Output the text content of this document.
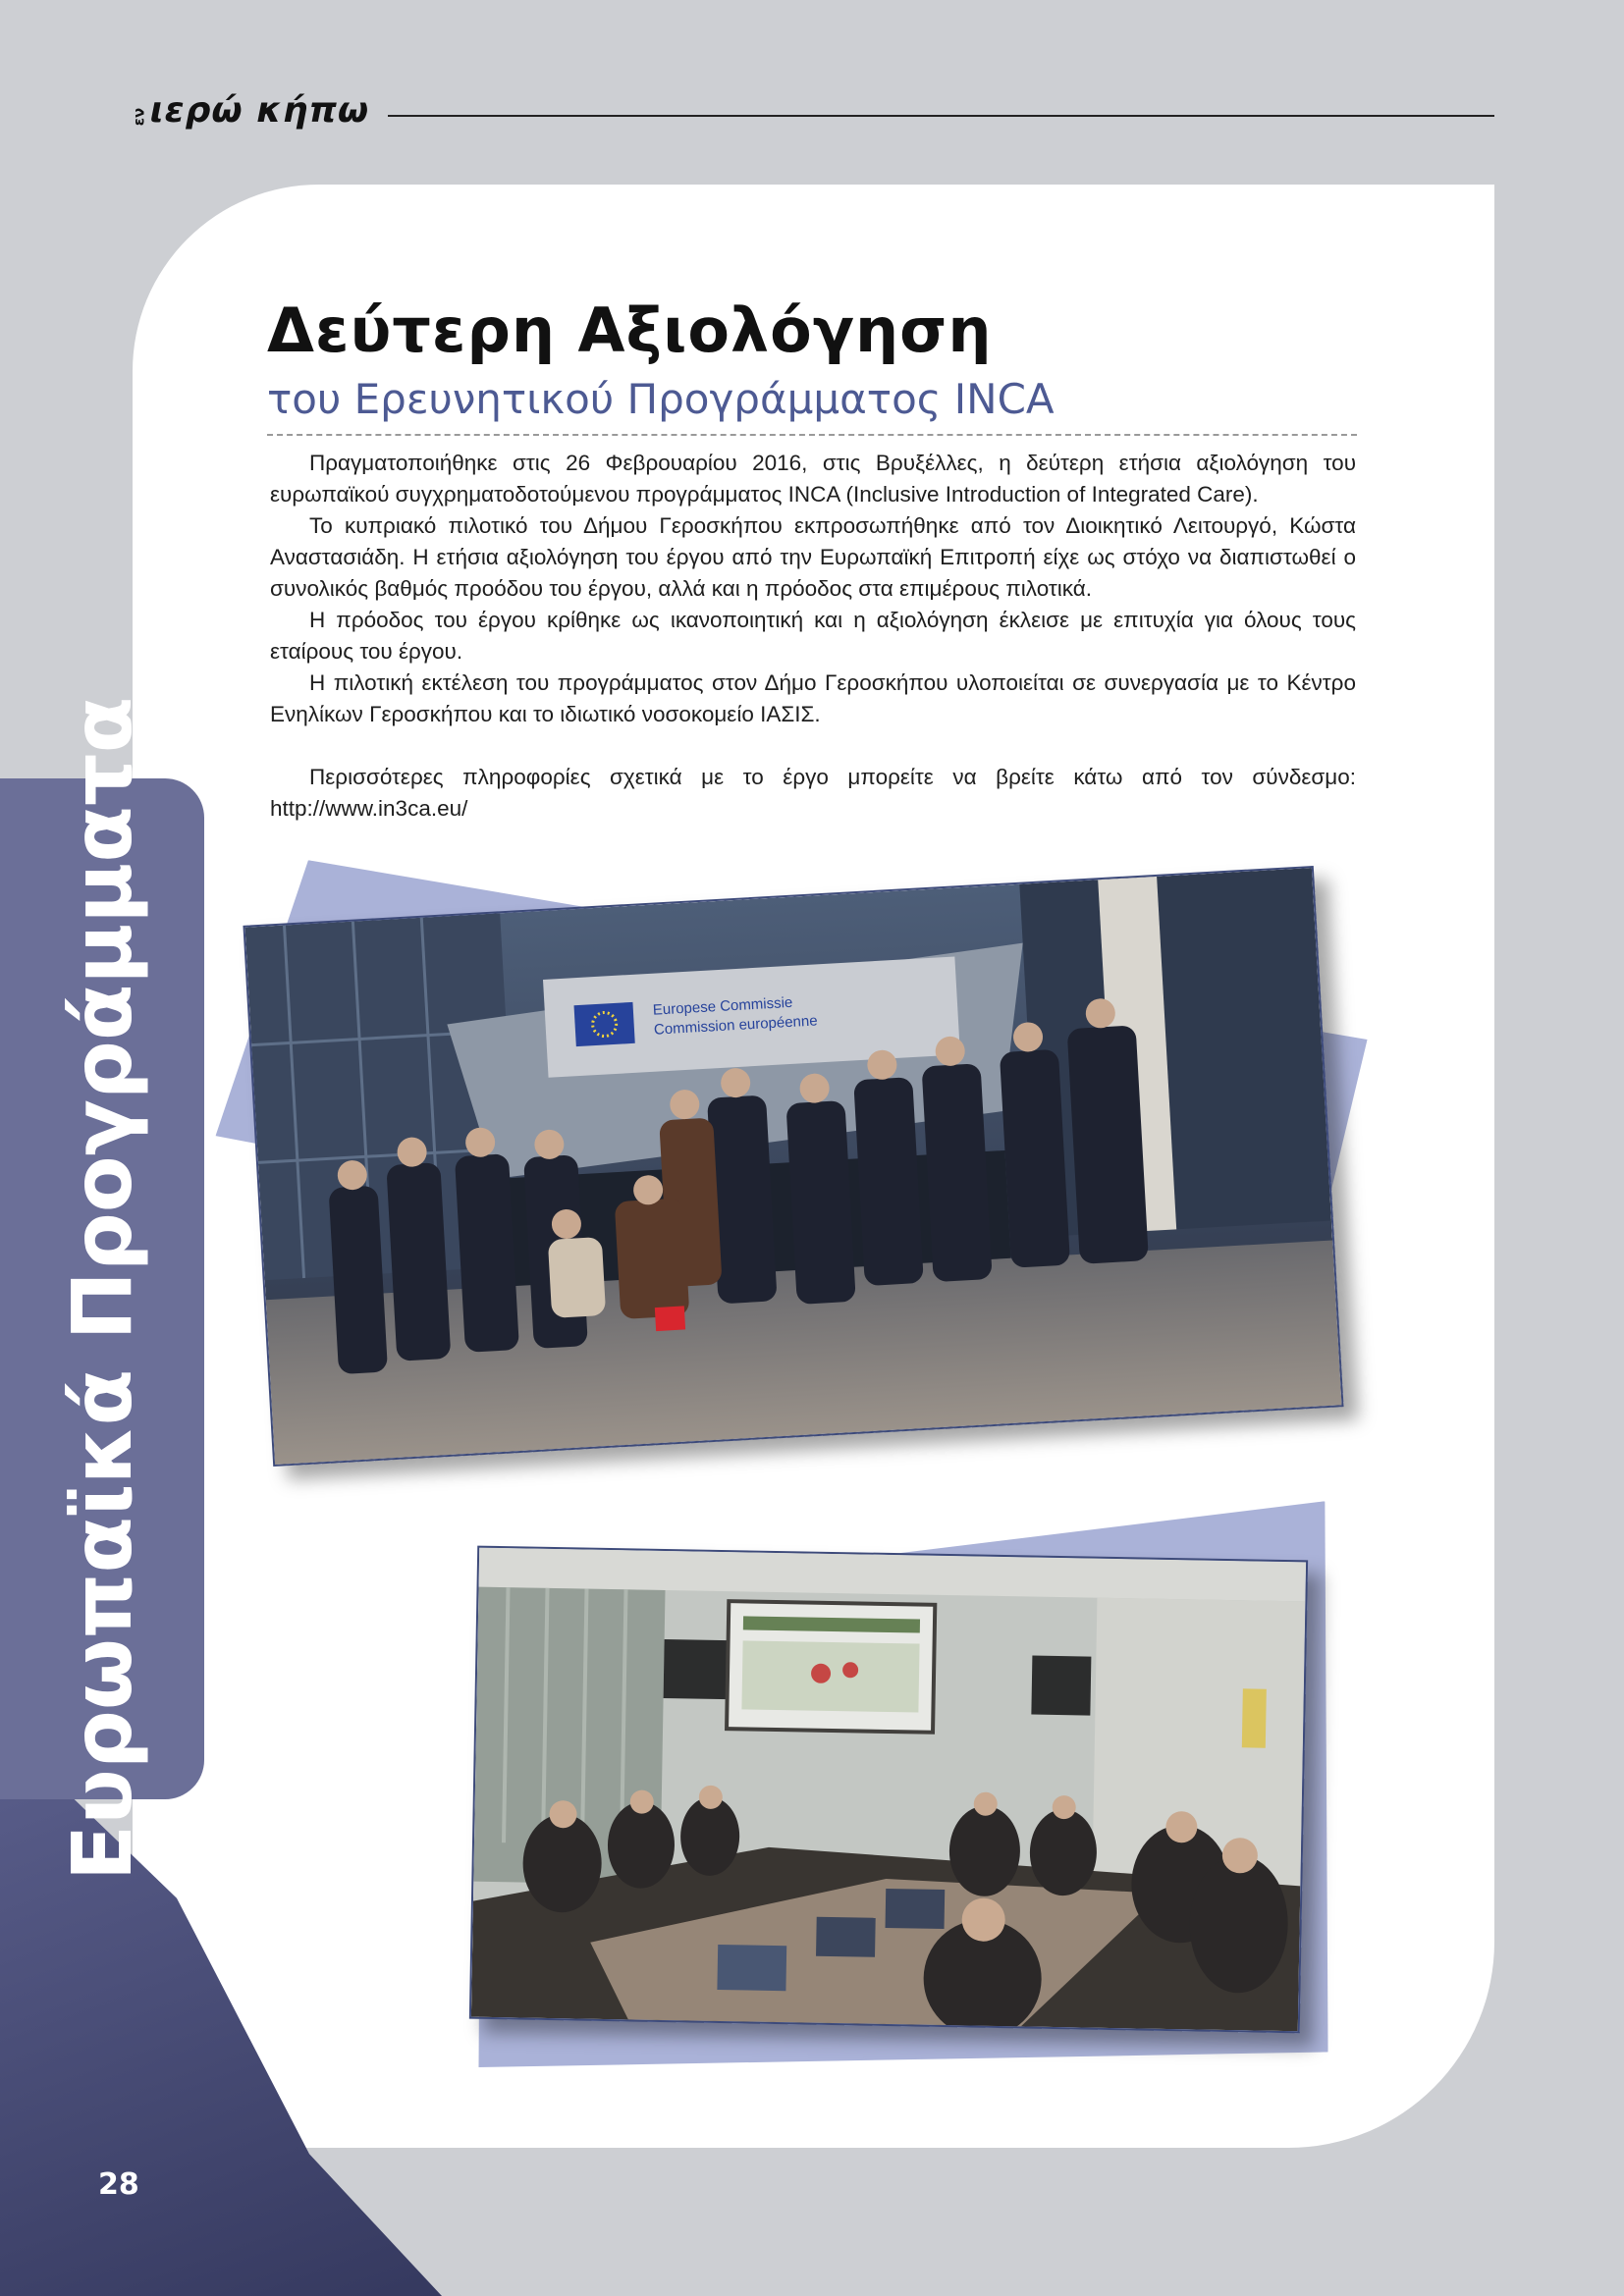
εν ιερώ κήπω
Ευρωπαϊκά Προγράμματα
28
Δεύτερη Αξιολόγηση
του Ερευνητικού Προγράμματος INCA

Πραγματοποιήθηκε στις 26 Φεβρουαρίου 2016, στις Βρυξέλλες, η δεύτερη ετήσια αξιολόγηση του ευρωπαϊκού συγχρηματοδοτούμενου προγράμματος INCA (Inclusive Introduction of Integrated Care).

Το κυπριακό πιλοτικό του Δήμου Γεροσκήπου εκπροσωπήθηκε από τον Διοικητικό Λειτουργό, Κώστα Αναστασιάδη. Η ετήσια αξιολόγηση του έργου από την Ευρωπαϊκή Επιτροπή είχε ως στόχο να διαπιστωθεί ο συνολικός βαθμός προόδου του έργου, αλλά και η πρόοδος στα επιμέρους πιλοτικά.

Η πρόοδος του έργου κρίθηκε ως ικανοποιητική και η αξιολόγηση έκλεισε με επιτυχία για όλους τους εταίρους του έργου.

Η πιλοτική εκτέλεση του προγράμματος στον Δήμο Γεροσκήπου υλοποιείται σε συνεργασία με το Κέντρο Ενηλίκων Γεροσκήπου και το ιδιωτικό νοσοκομείο ΙΑΣΙΣ.

Περισσότερες πληροφορίες σχετικά με το έργο μπορείτε να βρείτε κάτω από τον σύνδεσμο: http://www.in3ca.eu/

Europese Commissie
Commission européenne
